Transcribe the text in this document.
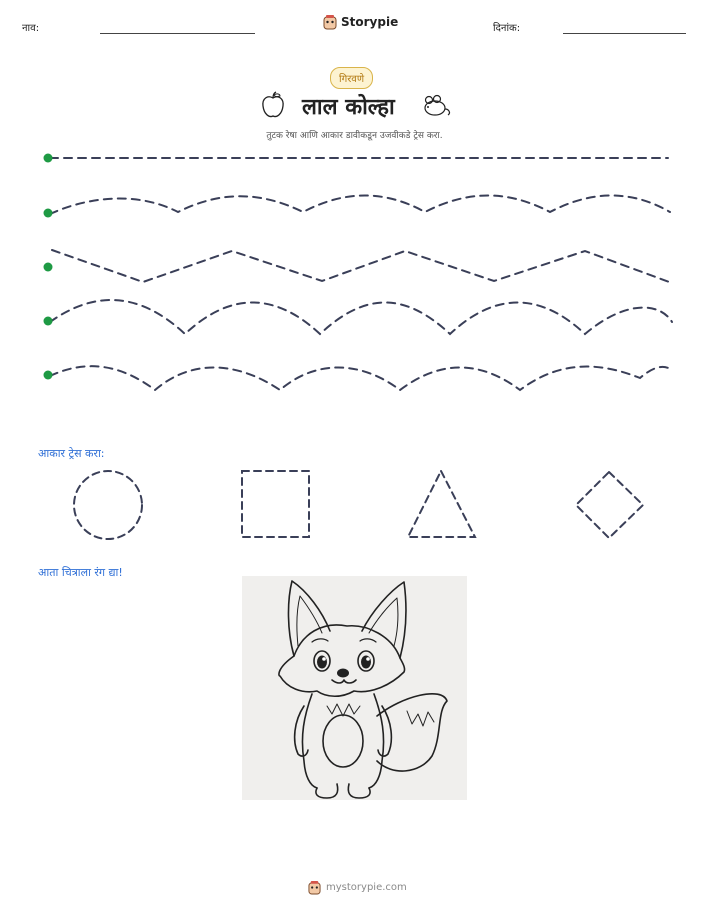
नाव:	Storypie	दिनांक:
गिरवणे
लाल कोल्हा
तुटक रेषा आणि आकार डावीकडून उजवीकडे ट्रेस करा.
आकार ट्रेस करा:
आता चित्राला रंग द्या!
mystorypie.com
